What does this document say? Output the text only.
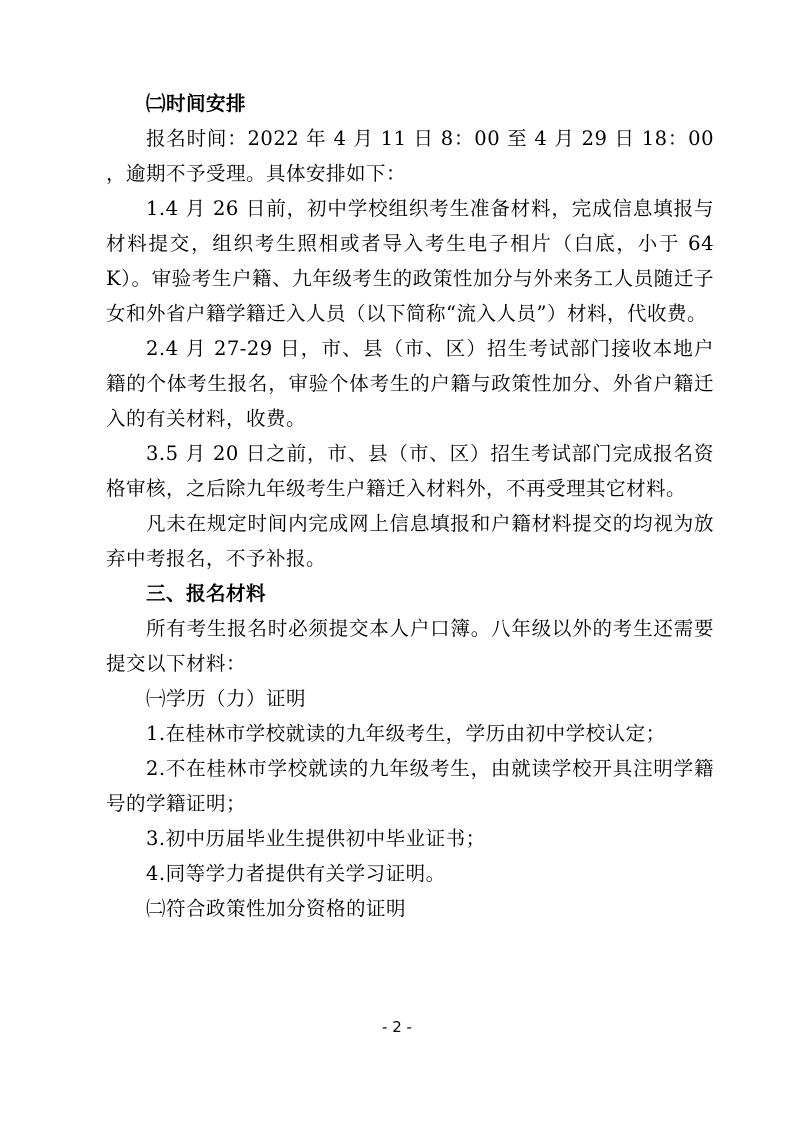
㈡时间安排

报名时间：2022 年 4 月 11 日 8：00 至 4 月 29 日 18：00 ，逾期不予受理。具体安排如下：

1.4 月 26 日前，初中学校组织考生准备材料，完成信息填报与材料提交，组织考生照相或者导入考生电子相片（白底，小于 64K）。审验考生户籍、九年级考生的政策性加分与外来务工人员随迁子女和外省户籍学籍迁入人员（以下简称“流入人员”）材料，代收费。

2.4 月 27-29 日，市、县（市、区）招生考试部门接收本地户籍的个体考生报名，审验个体考生的户籍与政策性加分、外省户籍迁入的有关材料，收费。

3.5 月 20 日之前，市、县（市、区）招生考试部门完成报名资格审核，之后除九年级考生户籍迁入材料外，不再受理其它材料。

凡未在规定时间内完成网上信息填报和户籍材料提交的均视为放弃中考报名，不予补报。

三、报名材料

所有考生报名时必须提交本人户口簿。八年级以外的考生还需要提交以下材料：

㈠学历（力）证明

1.在桂林市学校就读的九年级考生，学历由初中学校认定；

2.不在桂林市学校就读的九年级考生，由就读学校开具注明学籍号的学籍证明；

3.初中历届毕业生提供初中毕业证书；

4.同等学力者提供有关学习证明。

㈡符合政策性加分资格的证明

- 2 -
